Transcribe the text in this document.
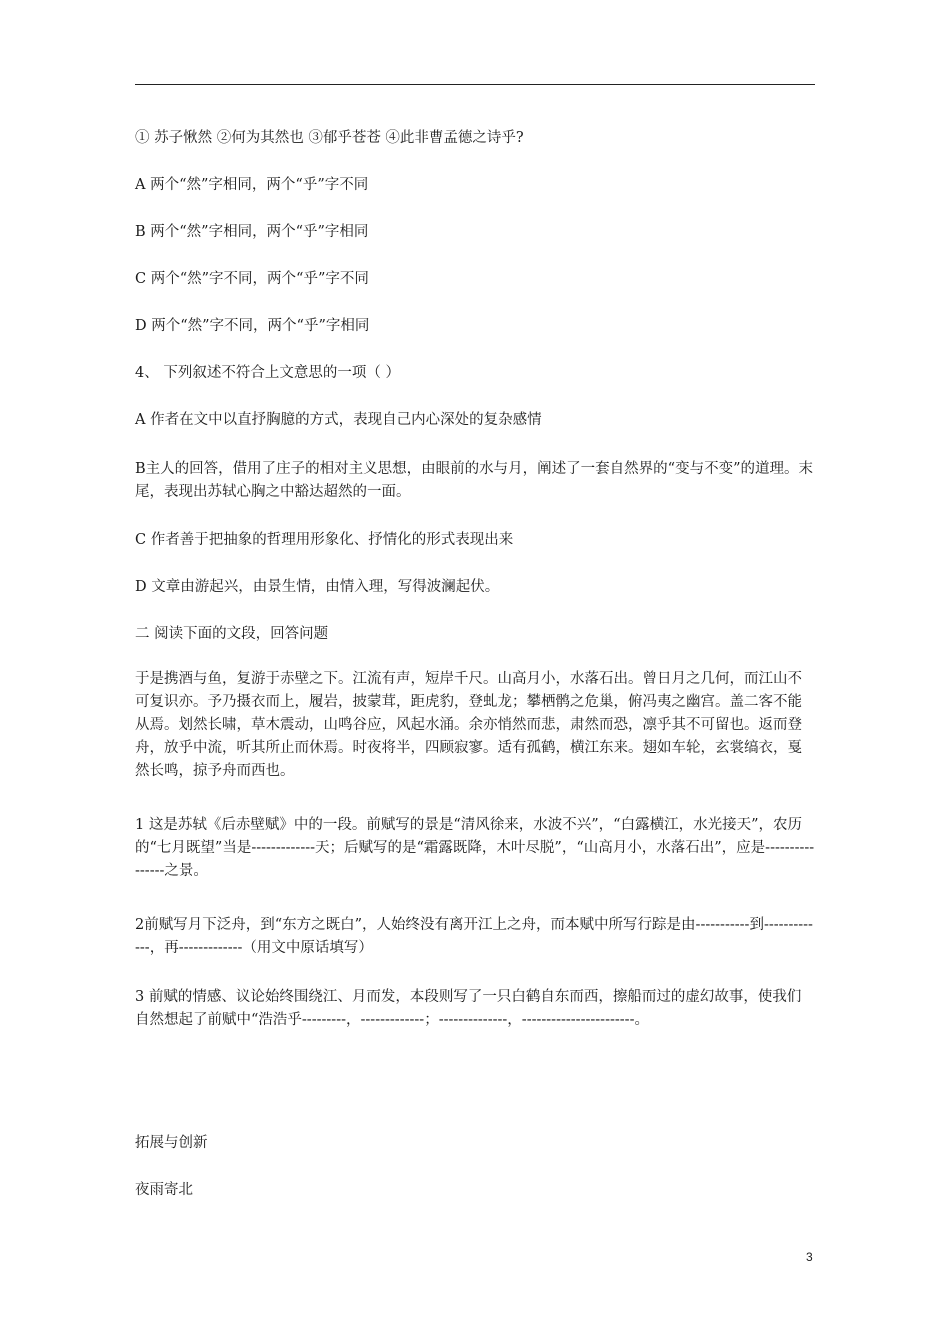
① 苏子愀然 ②何为其然也 ③郁乎苍苍 ④此非曹孟德之诗乎?

A 两个“然”字相同，两个“乎”字不同

B 两个“然”字相同，两个“乎”字相同

C 两个“然”字不同，两个“乎”字不同

D 两个“然”字不同，两个“乎”字相同

4、 下列叙述不符合上文意思的一项（ ）

A 作者在文中以直抒胸臆的方式，表现自己内心深处的复杂感情

B主人的回答，借用了庄子的相对主义思想，由眼前的水与月，阐述了一套自然界的“变与不变”的道理。末尾，表现出苏轼心胸之中豁达超然的一面。

C 作者善于把抽象的哲理用形象化、抒情化的形式表现出来

D 文章由游起兴，由景生情，由情入理，写得波澜起伏。

二 阅读下面的文段，回答问题

于是携酒与鱼，复游于赤壁之下。江流有声，短岸千尺。山高月小，水落石出。曾日月之几何，而江山不可复识亦。予乃摄衣而上，履岩，披蒙茸，距虎豹，登虬龙；攀栖鹘之危巢，俯冯夷之幽宫。盖二客不能从焉。划然长啸，草木震动，山鸣谷应，风起水涌。余亦悄然而悲，肃然而恐，凛乎其不可留也。返而登舟，放乎中流，听其所止而休焉。时夜将半，四顾寂寥。适有孤鹤，横江东来。翅如车轮，玄裳缟衣，戛然长鸣，掠予舟而西也。

1 这是苏轼《后赤壁赋》中的一段。前赋写的景是“清风徐来，水波不兴”，“白露横江，水光接天”，农历的“七月既望”当是-------------天；后赋写的是“霜露既降，木叶尽脱”，“山高月小，水落石出”，应是----------------之景。

2前赋写月下泛舟，到“东方之既白”，人始终没有离开江上之舟，而本赋中所写行踪是由-----------到-------------，再-------------（用文中原话填写）

3 前赋的情感、议论始终围绕江、月而发，本段则写了一只白鹤自东而西，擦船而过的虚幻故事，使我们自然想起了前赋中“浩浩乎---------，-------------；--------------，-----------------------。

拓展与创新

夜雨寄北

3
